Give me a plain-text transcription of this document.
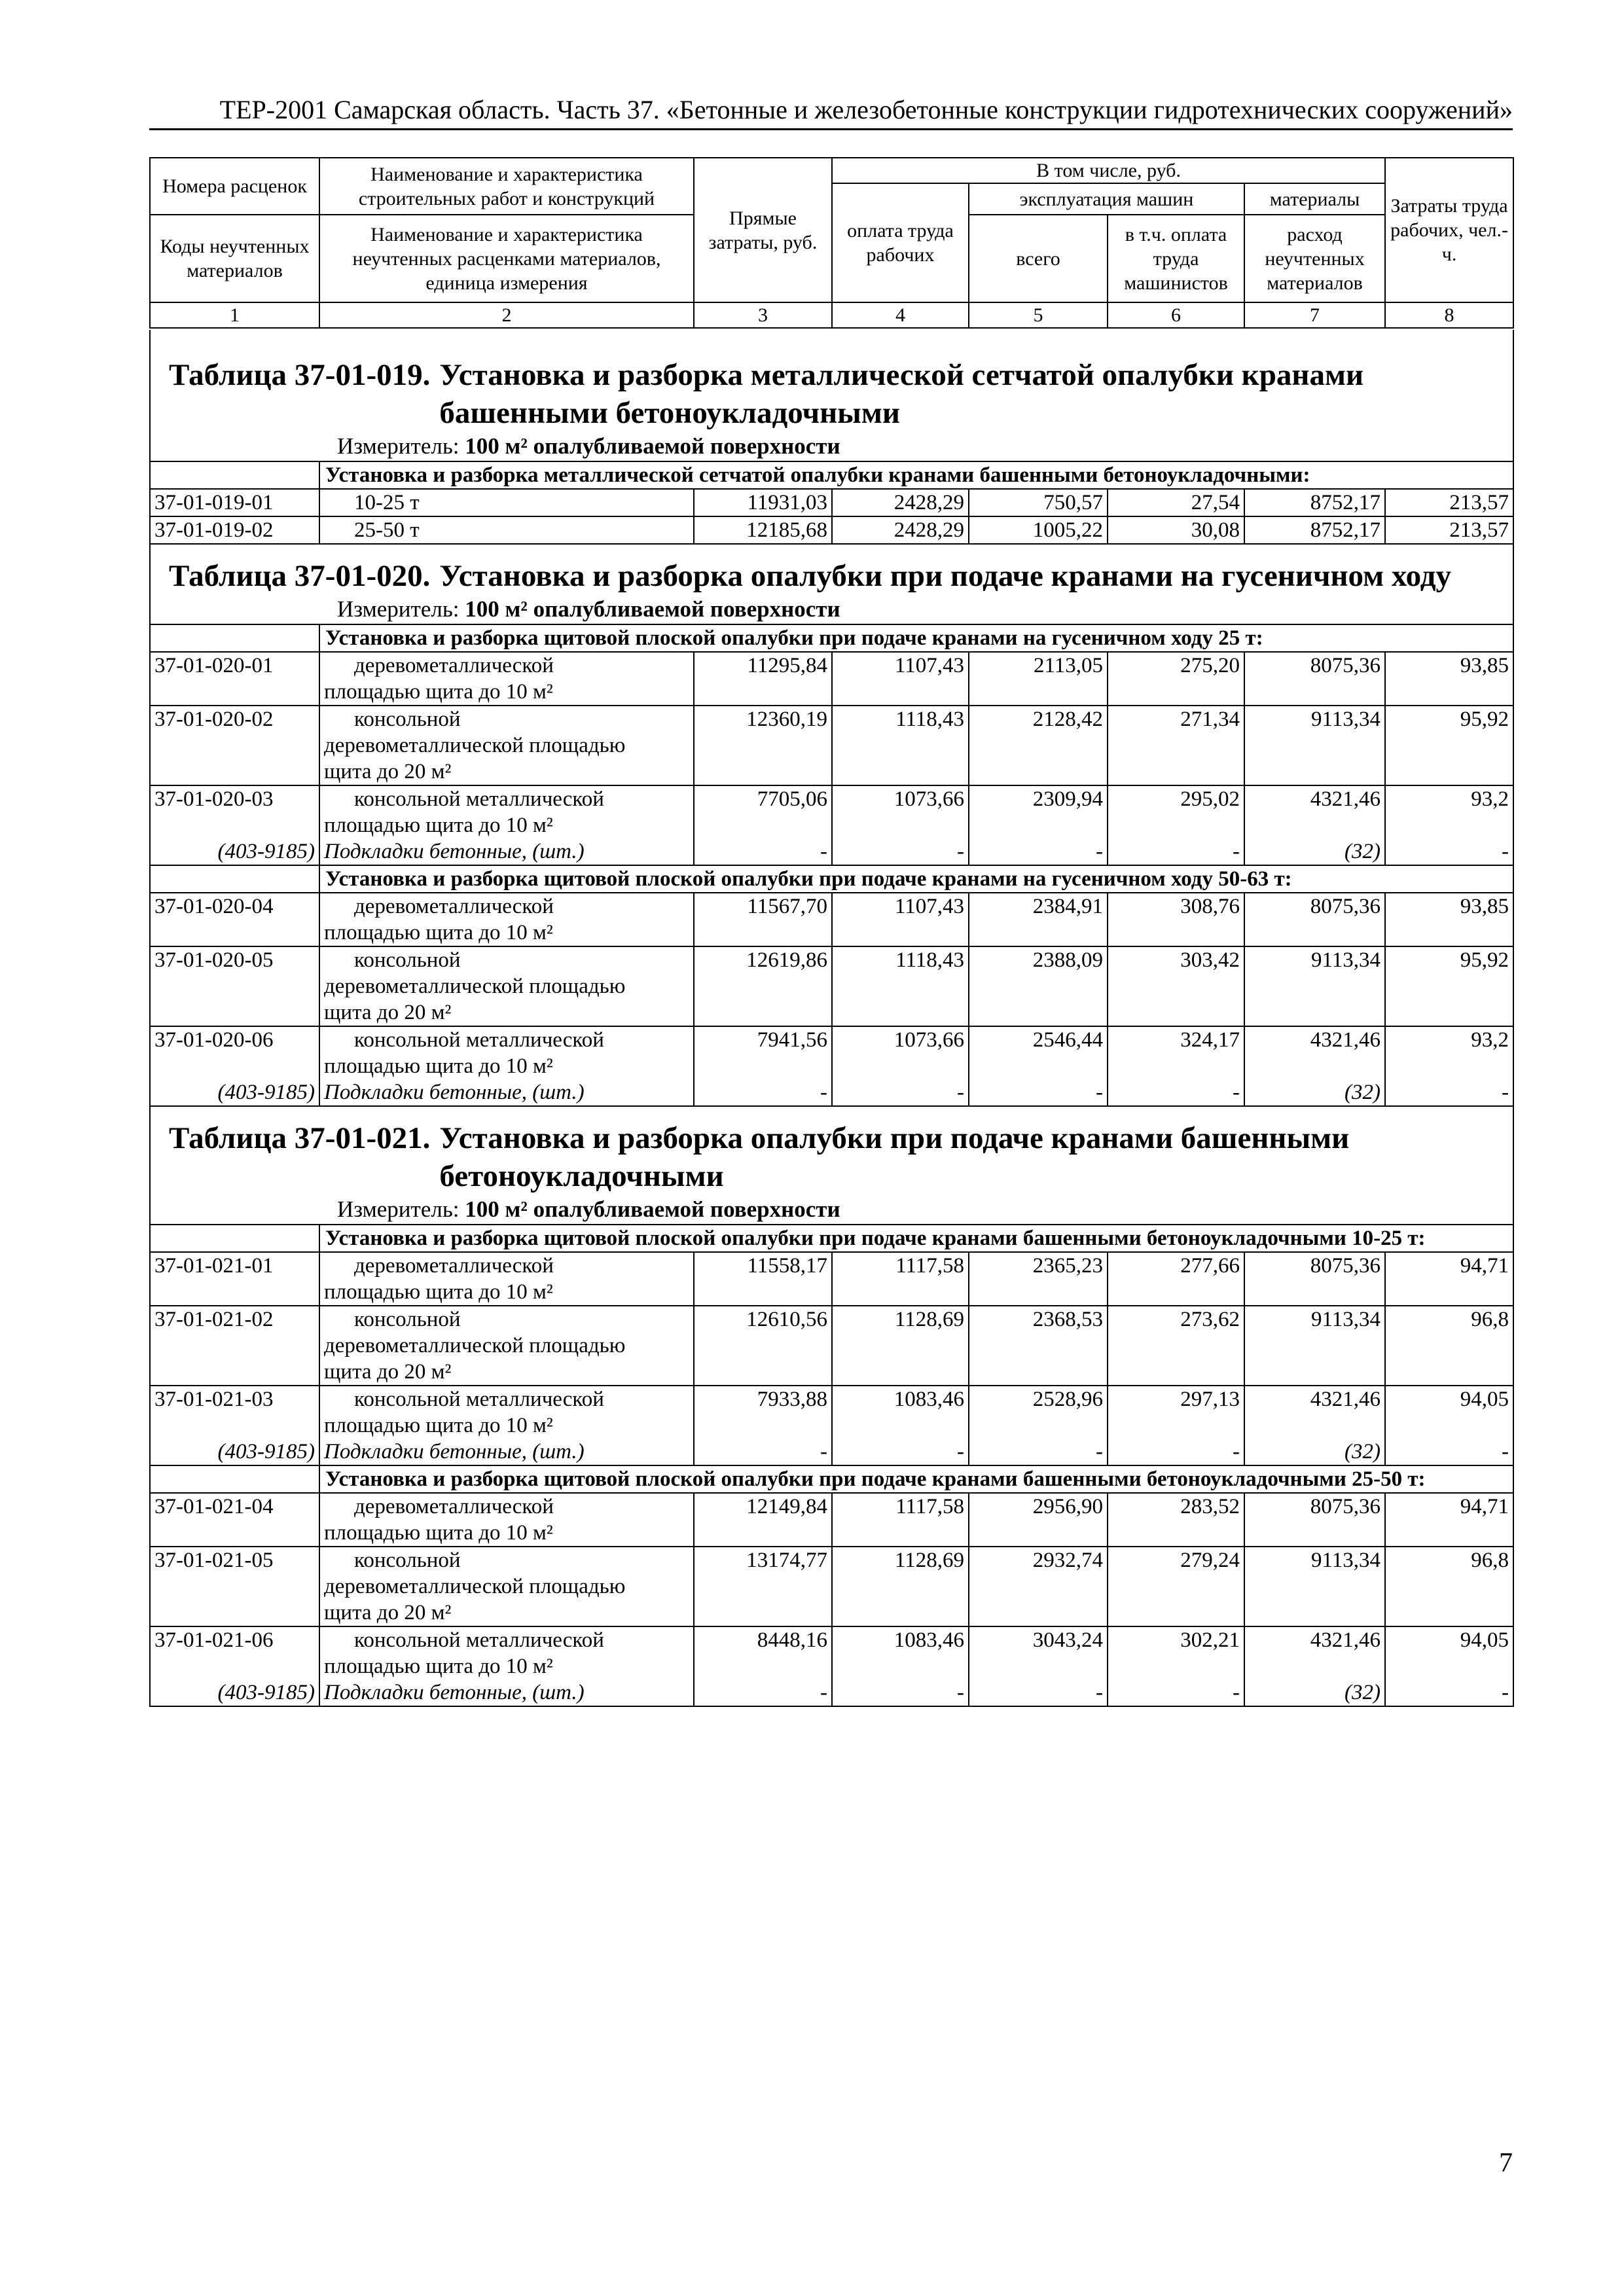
ТЕР-2001 Самарская область. Часть 37. «Бетонные и железобетонные конструкции гидротехнических сооружений»
Номера расценок	Наименование и характеристика строительных работ и конструкций	Прямые затраты, руб.	В том числе, руб.				Затраты труда рабочих, чел.-ч.
			оплата труда рабочих	эксплуатация машин		материалы	
Коды неучтенных материалов	Наименование и характеристика неучтенных расценками материалов, единица измерения			всего	в т.ч. оплата труда машинистов	расход неучтенных материалов	

1	2	3	4	5	6	7	8

Таблица 37-01-019. Установка и разборка металлической сетчатой опалубки кранами башенными бетоноукладочными
Измеритель: 100 м² опалубливаемой поверхности							

	Установка и разборка металлической сетчатой опалубки кранами башенными бетоноукладочными:						
37-01-019-01	10-25 т	11931,03	2428,29	750,57	27,54	8752,17	213,57
37-01-019-02	25-50 т	12185,68	2428,29	1005,22	30,08	8752,17	213,57

Таблица 37-01-020. Установка и разборка опалубки при подаче кранами на гусеничном ходу
Измеритель: 100 м² опалубливаемой поверхности							

	Установка и разборка щитовой плоской опалубки при подаче кранами на гусеничном ходу 25 т:						
37-01-020-01	деревометаллической
площадью щита до 10 м²	11295,84	1107,43	2113,05	275,20	8075,36	93,85
37-01-020-02	консольной
деревометаллической площадью
щита до 20 м²	12360,19	1118,43	2128,42	271,34	9113,34	95,92
37-01-020-03	консольной металлической
площадью щита до 10 м²	7705,06	1073,66	2309,94	295,02	4321,46	93,2
(403-9185)	Подкладки бетонные, (шт.)	-	-	-	-	(32)	-
	Установка и разборка щитовой плоской опалубки при подаче кранами на гусеничном ходу 50-63 т:						
37-01-020-04	деревометаллической
площадью щита до 10 м²	11567,70	1107,43	2384,91	308,76	8075,36	93,85
37-01-020-05	консольной
деревометаллической площадью
щита до 20 м²	12619,86	1118,43	2388,09	303,42	9113,34	95,92
37-01-020-06	консольной металлической
площадью щита до 10 м²	7941,56	1073,66	2546,44	324,17	4321,46	93,2
(403-9185)	Подкладки бетонные, (шт.)	-	-	-	-	(32)	-

Таблица 37-01-021. Установка и разборка опалубки при подаче кранами башенными бетоноукладочными
Измеритель: 100 м² опалубливаемой поверхности							

	Установка и разборка щитовой плоской опалубки при подаче кранами башенными бетоноукладочными 10-25 т:						
37-01-021-01	деревометаллической
площадью щита до 10 м²	11558,17	1117,58	2365,23	277,66	8075,36	94,71
37-01-021-02	консольной
деревометаллической площадью
щита до 20 м²	12610,56	1128,69	2368,53	273,62	9113,34	96,8
37-01-021-03	консольной металлической
площадью щита до 10 м²	7933,88	1083,46	2528,96	297,13	4321,46	94,05
(403-9185)	Подкладки бетонные, (шт.)	-	-	-	-	(32)	-
	Установка и разборка щитовой плоской опалубки при подаче кранами башенными бетоноукладочными 25-50 т:						
37-01-021-04	деревометаллической
площадью щита до 10 м²	12149,84	1117,58	2956,90	283,52	8075,36	94,71
37-01-021-05	консольной
деревометаллической площадью
щита до 20 м²	13174,77	1128,69	2932,74	279,24	9113,34	96,8
37-01-021-06	консольной металлической
площадью щита до 10 м²	8448,16	1083,46	3043,24	302,21	4321,46	94,05
(403-9185)	Подкладки бетонные, (шт.)	-	-	-	-	(32)	-
7
